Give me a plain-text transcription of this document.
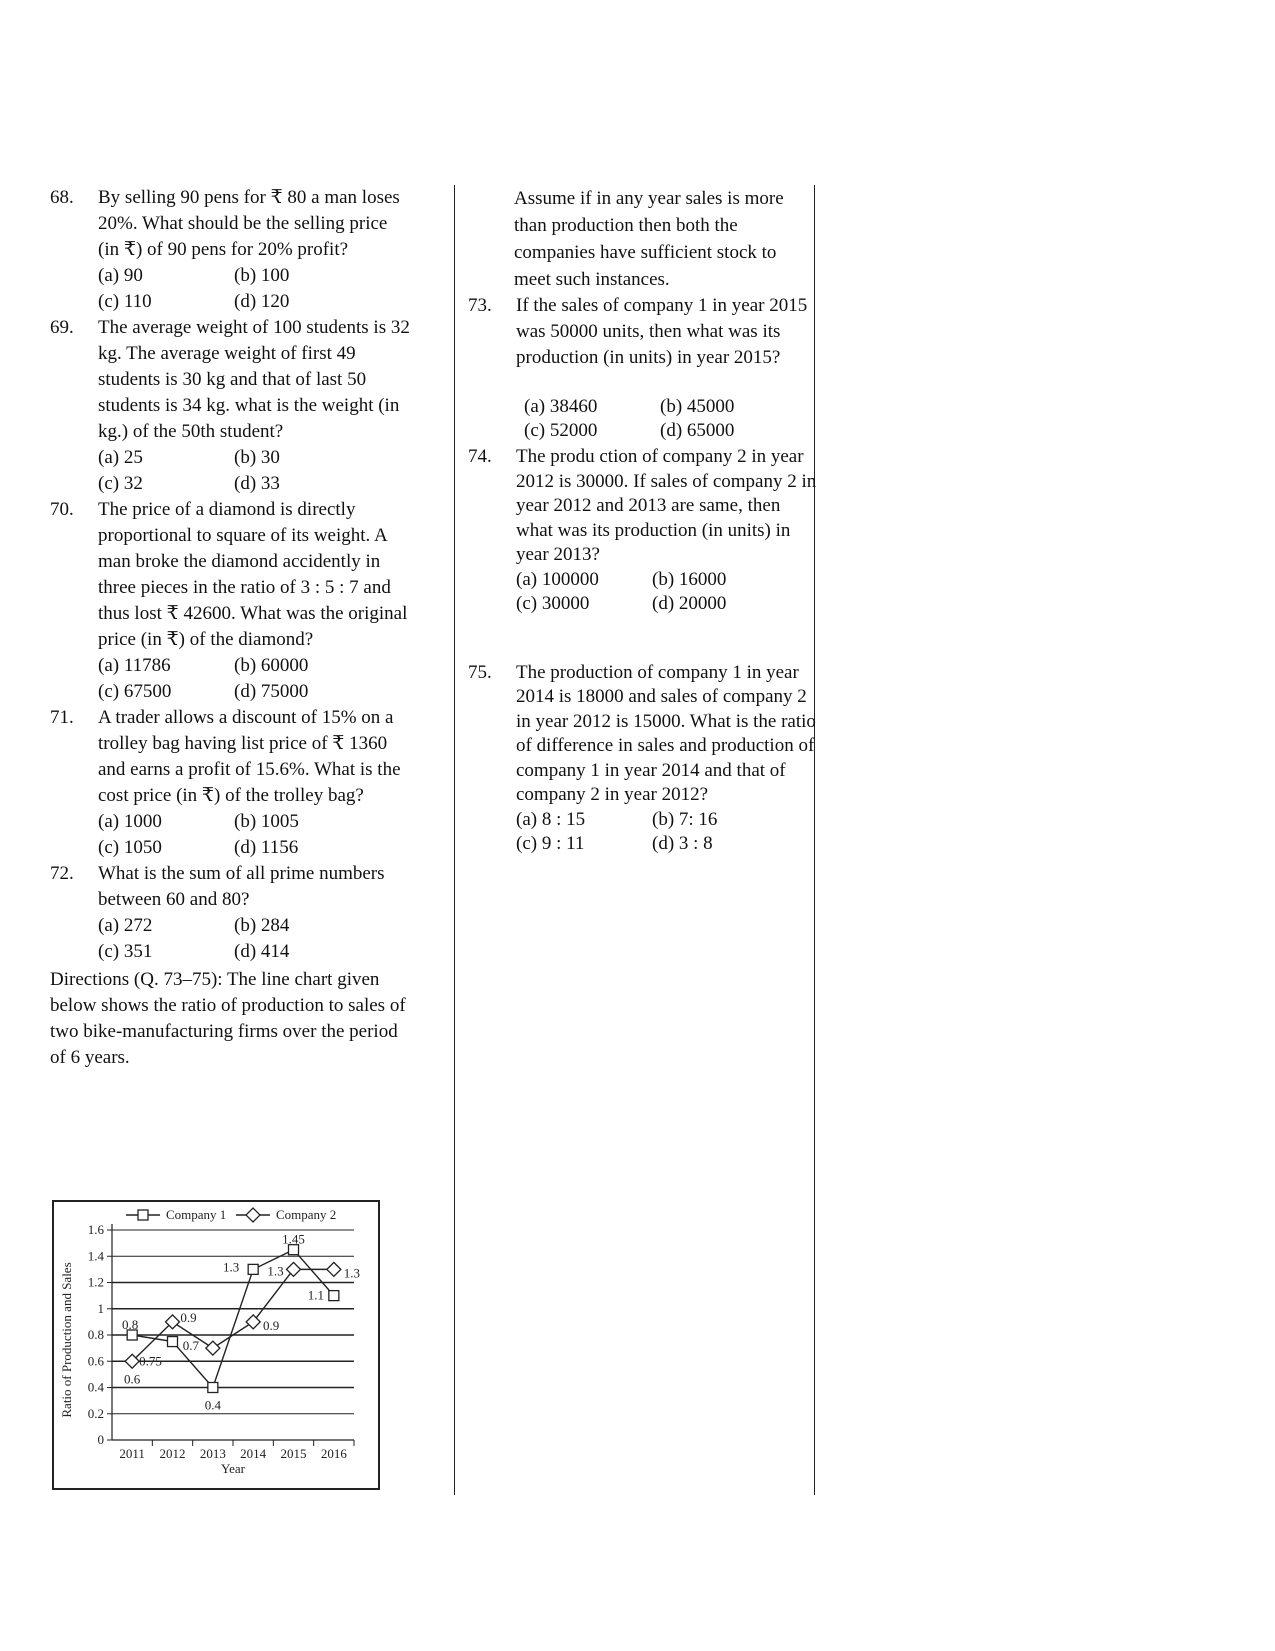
68. By selling 90 pens for ₹ 80 a man loses 20%. What should be the selling price (in ₹) of 90 pens for 20% profit?
(a) 90	(b) 100
(c) 110	(d) 120
69. The average weight of 100 students is 32 kg. The average weight of first 49 students is 30 kg and that of last 50 students is 34 kg. what is the weight (in kg.) of the 50th student?
(a) 25	(b) 30
(c) 32	(d) 33
70. The price of a diamond is directly proportional to square of its weight. A man broke the diamond accidently in three pieces in the ratio of 3 : 5 : 7 and thus lost ₹ 42600. What was the original price (in ₹) of the diamond?
(a) 11786	(b) 60000
(c) 67500	(d) 75000
71. A trader allows a discount of 15% on a trolley bag having list price of ₹ 1360 and earns a profit of 15.6%. What is the cost price (in ₹) of the trolley bag?
(a) 1000	(b) 1005
(c) 1050	(d) 1156
72. What is the sum of all prime numbers between 60 and 80?
(a) 272	(b) 284
(c) 351	(d) 414
Directions (Q. 73–75): The line chart given below shows the ratio of production to sales of two bike-manufacturing firms over the period of 6 years.
Assume if in any year sales is more than production then both the companies have sufficient stock to meet such instances.
73. If the sales of company 1 in year 2015 was 50000 units, then what was its production (in units) in year 2015?
(a) 38460	(b) 45000
(c) 52000	(d) 65000
74. The produ ction of company 2 in year 2012 is 30000. If sales of company 2 in year 2012 and 2013 are same, then what was its production (in units) in year 2013?
(a) 100000	(b) 16000
(c) 30000	(d) 20000
75. The production of company 1 in year 2014 is 18000 and sales of company 2 in year 2012 is 15000. What is the ratio of difference in sales and production of company 1 in year 2014 and that of company 2 in year 2012?
(a) 8 : 15	(b) 7: 16
(c) 9 : 11	(d) 3 : 8
0
0.2
0.4
0.6
0.8
1
1.2
1.4
1.6
2011 2012 2013 2014 2015 2016
Year
Ratio of Production and Sales	0.8
0.75
0.4
1.3
1.45
1.1
0.6
0.9
0.7
0.9
1.3	1.3
Company 1	Company 2
